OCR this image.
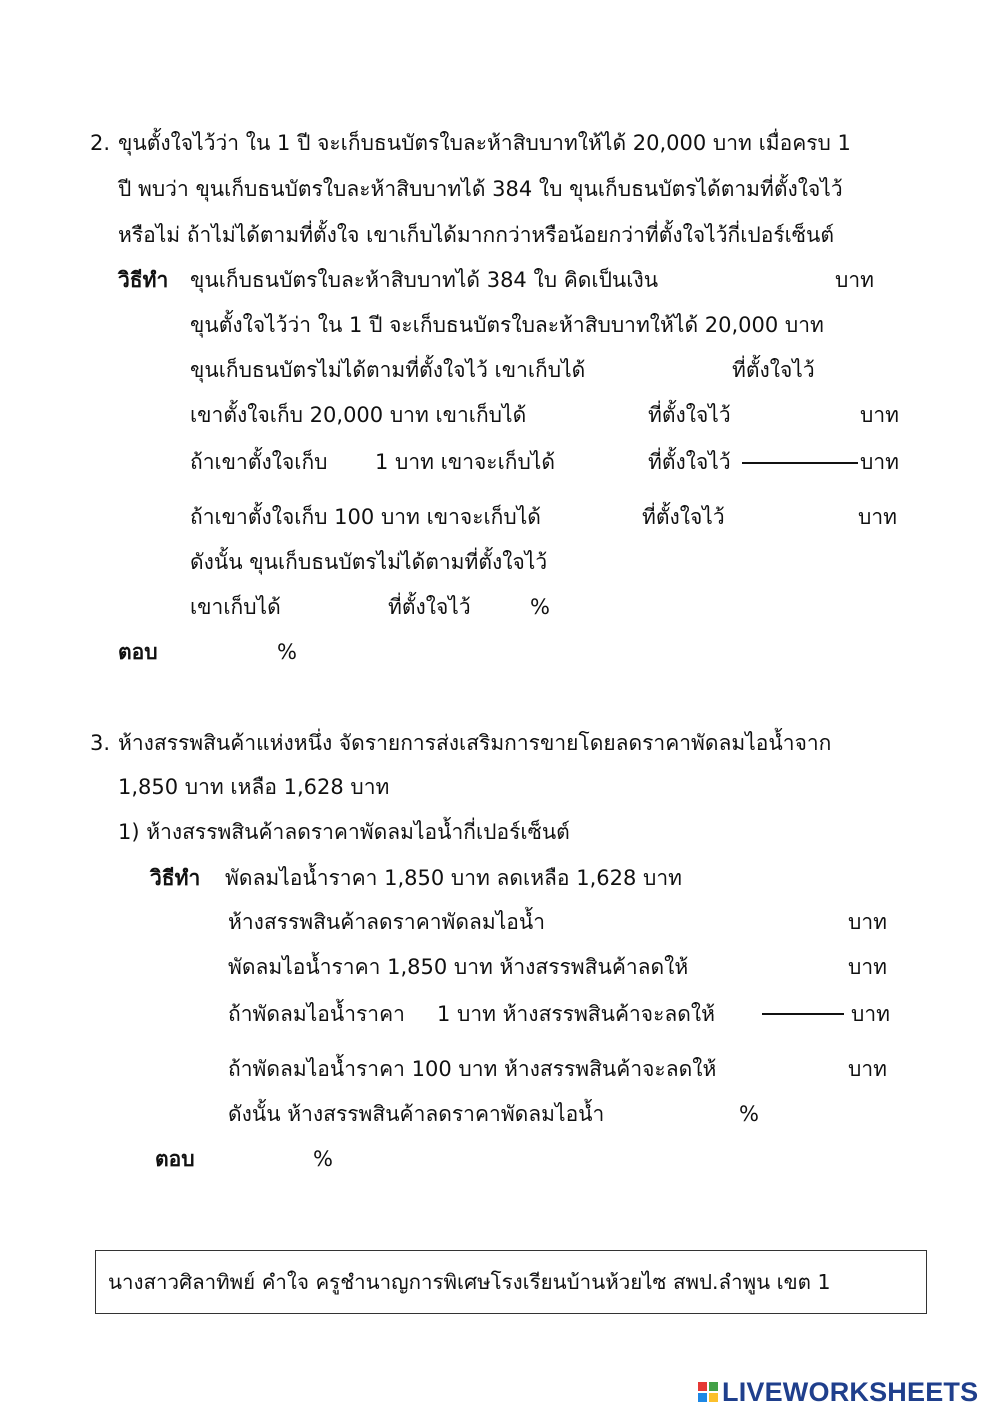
2. ขุนตั้งใจไว้ว่า ใน 1 ปี จะเก็บธนบัตรใบละห้าสิบบาทให้ได้ 20,000 บาท เมื่อครบ 1
ปี พบว่า ขุนเก็บธนบัตรใบละห้าสิบบาทได้ 384 ใบ ขุนเก็บธนบัตรได้ตามที่ตั้งใจไว้
หรือไม่ ถ้าไม่ได้ตามที่ตั้งใจ เขาเก็บได้มากกว่าหรือน้อยกว่าที่ตั้งใจไว้กี่เปอร์เซ็นต์
วิธีทำ ขุนเก็บธนบัตรใบละห้าสิบบาทได้ 384 ใบ คิดเป็นเงิน	บาท
ขุนตั้งใจไว้ว่า ใน 1 ปี จะเก็บธนบัตรใบละห้าสิบบาทให้ได้ 20,000 บาท
ขุนเก็บธนบัตรไม่ได้ตามที่ตั้งใจไว้ เขาเก็บได้	ที่ตั้งใจไว้
เขาตั้งใจเก็บ 20,000 บาท เขาเก็บได้	ที่ตั้งใจไว้	บาท
ถ้าเขาตั้งใจเก็บ 1 บาท เขาจะเก็บได้	ที่ตั้งใจไว้	บาท
ถ้าเขาตั้งใจเก็บ 100 บาท เขาจะเก็บได้	ที่ตั้งใจไว้	บาท
ดังนั้น ขุนเก็บธนบัตรไม่ได้ตามที่ตั้งใจไว้
เขาเก็บได้	ที่ตั้งใจไว้	%
ตอบ	%
3. ห้างสรรพสินค้าแห่งหนึ่ง จัดรายการส่งเสริมการขายโดยลดราคาพัดลมไอน้ำจาก
1,850 บาท เหลือ 1,628 บาท
1) ห้างสรรพสินค้าลดราคาพัดลมไอน้ำกี่เปอร์เซ็นต์
วิธีทำ พัดลมไอน้ำราคา 1,850 บาท ลดเหลือ 1,628 บาท
ห้างสรรพสินค้าลดราคาพัดลมไอน้ำ	บาท
พัดลมไอน้ำราคา 1,850 บาท ห้างสรรพสินค้าลดให้	บาท
ถ้าพัดลมไอน้ำราคา 1 บาท ห้างสรรพสินค้าจะลดให้	บาท
ถ้าพัดลมไอน้ำราคา 100 บาท ห้างสรรพสินค้าจะลดให้	บาท
ดังนั้น ห้างสรรพสินค้าลดราคาพัดลมไอน้ำ	%
ตอบ	%
นางสาวศิลาทิพย์ คำใจ ครูชำนาญการพิเศษโรงเรียนบ้านห้วยไซ สพป.ลำพูน เขต 1
LIVEWORKSHEETS
